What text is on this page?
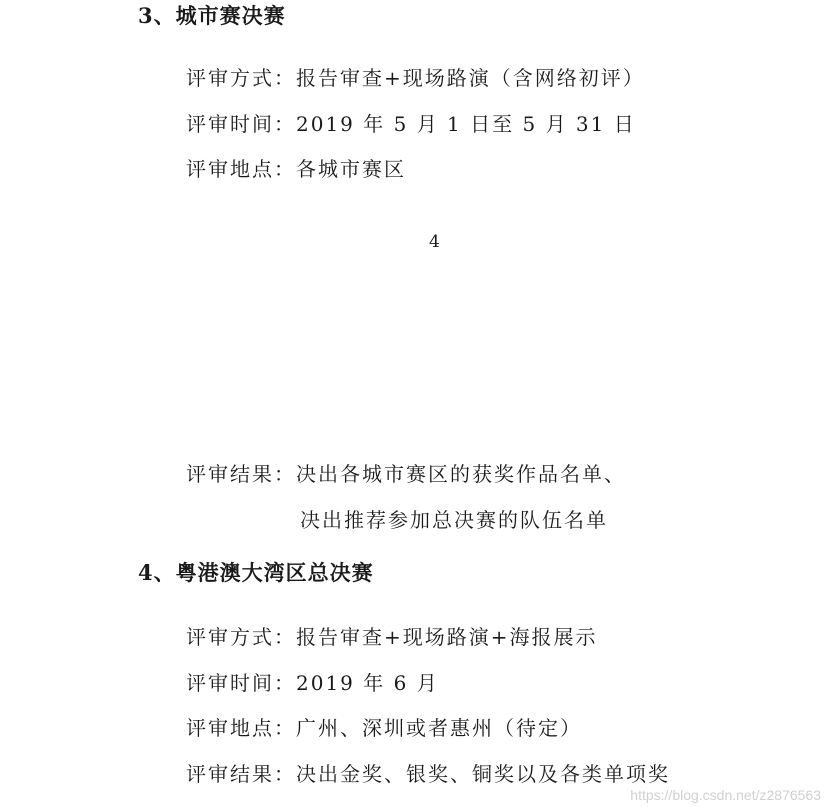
3、城市赛决赛
评审方式：报告审查+现场路演（含网络初评）
评审时间：2019 年 5 月 1 日至 5 月 31 日
评审地点：各城市赛区
4
评审结果：决出各城市赛区的获奖作品名单、
决出推荐参加总决赛的队伍名单
4、粤港澳大湾区总决赛
评审方式：报告审查+现场路演+海报展示
评审时间：2019 年 6 月
评审地点：广州、深圳或者惠州（待定）
评审结果：决出金奖、银奖、铜奖以及各类单项奖
https://blog.csdn.net/z2876563
